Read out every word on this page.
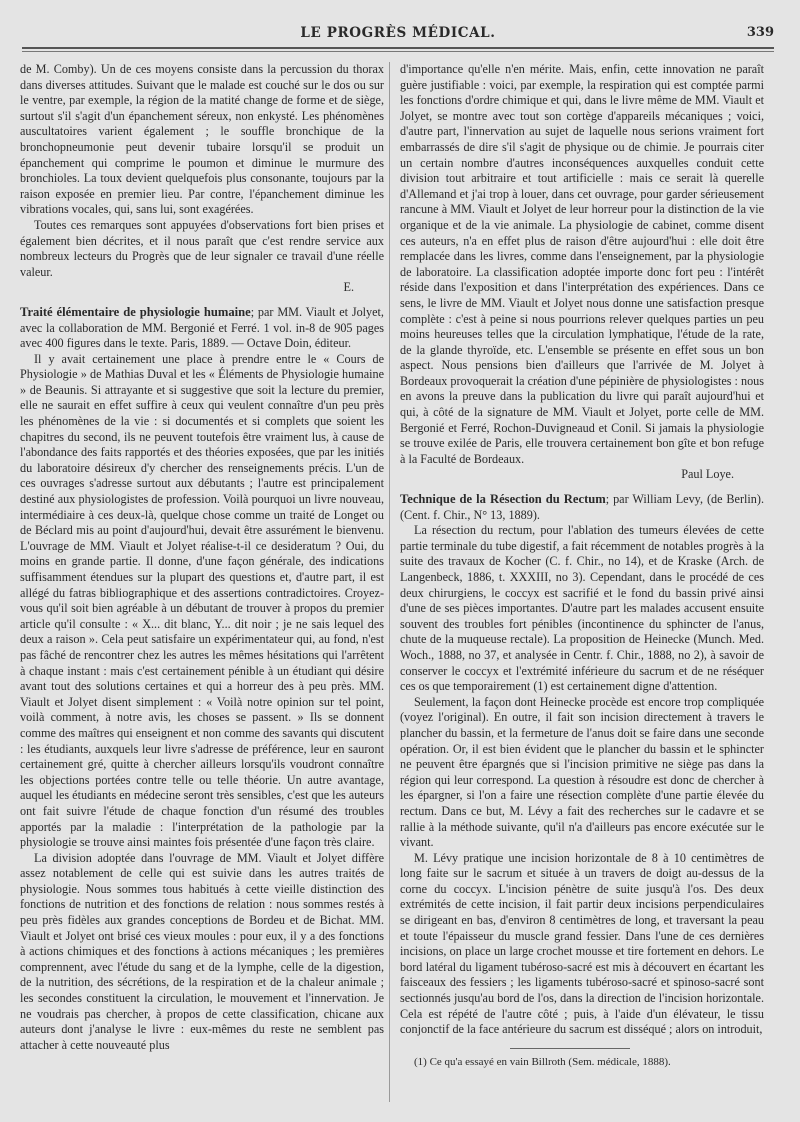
LE PROGRÈS MÉDICAL.	339

de M. Comby). Un de ces moyens consiste dans la percussion du thorax dans diverses attitudes. Suivant que le malade est couché sur le dos ou sur le ventre, par exemple, la région de la matité change de forme et de siège, surtout s'il s'agit d'un épanchement séreux, non enkysté. Les phénomènes auscultatoires varient également ; le souffle bronchique de la bronchopneumonie peut devenir tubaire lorsqu'il se produit un épanchement qui comprime le poumon et diminue le murmure des bronchioles. La toux devient quelquefois plus consonante, toujours par la raison exposée en premier lieu. Par contre, l'épanchement diminue les vibrations vocales, qui, sans lui, sont exagérées.

Toutes ces remarques sont appuyées d'observations fort bien prises et également bien décrites, et il nous paraît que c'est rendre service aux nombreux lecteurs du Progrès que de leur signaler ce travail d'une réelle valeur.
E.

Traité élémentaire de physiologie humaine; par MM. Viault et Jolyet, avec la collaboration de MM. Bergonié et Ferré. 1 vol. in-8 de 905 pages avec 400 figures dans le texte. Paris, 1889. — Octave Doin, éditeur.

Il y avait certainement une place à prendre entre le « Cours de Physiologie » de Mathias Duval et les « Éléments de Physiologie humaine » de Beaunis. Si attrayante et si suggestive que soit la lecture du premier, elle ne saurait en effet suffire à ceux qui veulent connaître d'un peu près les phénomènes de la vie : si documentés et si complets que soient les chapitres du second, ils ne peuvent toutefois être vraiment lus, à cause de l'abondance des faits rapportés et des théories exposées, que par les initiés du laboratoire désireux d'y chercher des renseignements précis. L'un de ces ouvrages s'adresse surtout aux débutants ; l'autre est principalement destiné aux physiologistes de profession. Voilà pourquoi un livre nouveau, intermédiaire à ces deux-là, quelque chose comme un traité de Longet ou de Béclard mis au point d'aujourd'hui, devait être assurément le bienvenu. L'ouvrage de MM. Viault et Jolyet réalise-t-il ce desideratum ? Oui, du moins en grande partie. Il donne, d'une façon générale, des indications suffisamment étendues sur la plupart des questions et, d'autre part, il est allégé du fatras bibliographique et des assertions contradictoires. Croyez-vous qu'il soit bien agréable à un débutant de trouver à propos du premier article qu'il consulte : « X... dit blanc, Y... dit noir ; je ne sais lequel des deux a raison ». Cela peut satisfaire un expérimentateur qui, au fond, n'est pas fâché de rencontrer chez les autres les mêmes hésitations qui l'arrêtent à chaque instant : mais c'est certainement pénible à un étudiant qui désire avant tout des solutions certaines et qui a horreur des à peu près. MM. Viault et Jolyet disent simplement : « Voilà notre opinion sur tel point, voilà comment, à notre avis, les choses se passent. » Ils se donnent comme des maîtres qui enseignent et non comme des savants qui discutent : les étudiants, auxquels leur livre s'adresse de préférence, leur en sauront certainement gré, quitte à chercher ailleurs lorsqu'ils voudront connaître les objections portées contre telle ou telle théorie. Un autre avantage, auquel les étudiants en médecine seront très sensibles, c'est que les auteurs ont fait suivre l'étude de chaque fonction d'un résumé des troubles apportés par la maladie : l'interprétation de la pathologie par la physiologie se trouve ainsi maintes fois présentée d'une façon très claire.

La division adoptée dans l'ouvrage de MM. Viault et Jolyet diffère assez notablement de celle qui est suivie dans les autres traités de physiologie. Nous sommes tous habitués à cette vieille distinction des fonctions de nutrition et des fonctions de relation : nous sommes restés à peu près fidèles aux grandes conceptions de Bordeu et de Bichat. MM. Viault et Jolyet ont brisé ces vieux moules : pour eux, il y a des fonctions à actions chimiques et des fonctions à actions mécaniques ; les premières comprennent, avec l'étude du sang et de la lymphe, celle de la digestion, de la nutrition, des sécrétions, de la respiration et de la chaleur animale ; les secondes constituent la circulation, le mouvement et l'innervation. Je ne voudrais pas chercher, à propos de cette classification, chicane aux auteurs dont j'analyse le livre : eux-mêmes du reste ne semblent pas attacher à cette nouveauté plus

d'importance qu'elle n'en mérite. Mais, enfin, cette innovation ne paraît guère justifiable : voici, par exemple, la respiration qui est comptée parmi les fonctions d'ordre chimique et qui, dans le livre même de MM. Viault et Jolyet, se montre avec tout son cortège d'appareils mécaniques ; voici, d'autre part, l'innervation au sujet de laquelle nous serions vraiment fort embarrassés de dire s'il s'agit de physique ou de chimie. Je pourrais citer un certain nombre d'autres inconséquences auxquelles conduit cette division tout arbitraire et tout artificielle : mais ce serait là querelle d'Allemand et j'ai trop à louer, dans cet ouvrage, pour garder sérieusement rancune à MM. Viault et Jolyet de leur horreur pour la distinction de la vie organique et de la vie animale. La physiologie de cabinet, comme disent ces auteurs, n'a en effet plus de raison d'être aujourd'hui : elle doit être remplacée dans les livres, comme dans l'enseignement, par la physiologie de laboratoire. La classification adoptée importe donc fort peu : l'intérêt réside dans l'exposition et dans l'interprétation des expériences. Dans ce sens, le livre de MM. Viault et Jolyet nous donne une satisfaction presque complète : c'est à peine si nous pourrions relever quelques parties un peu moins heureuses telles que la circulation lymphatique, l'étude de la rate, de la glande thyroïde, etc. L'ensemble se présente en effet sous un bon aspect. Nous pensions bien d'ailleurs que l'arrivée de M. Jolyet à Bordeaux provoquerait la création d'une pépinière de physiologistes : nous en avons la preuve dans la publication du livre qui paraît aujourd'hui et qui, à côté de la signature de MM. Viault et Jolyet, porte celle de MM. Bergonié et Ferré, Rochon-Duvigneaud et Conil. Si jamais la physiologie se trouve exilée de Paris, elle trouvera certainement bon gîte et bon refuge à la Faculté de Bordeaux.
Paul Loye.

Technique de la Résection du Rectum; par William Levy, (de Berlin). (Cent. f. Chir., N° 13, 1889).

La résection du rectum, pour l'ablation des tumeurs élevées de cette partie terminale du tube digestif, a fait récemment de notables progrès à la suite des travaux de Kocher (C. f. Chir., no 14), et de Kraske (Arch. de Langenbeck, 1886, t. XXXIII, no 3). Cependant, dans le procédé de ces deux chirurgiens, le coccyx est sacrifié et le fond du bassin privé ainsi d'une de ses pièces importantes. D'autre part les malades accusent ensuite souvent des troubles fort pénibles (incontinence du sphincter de l'anus, chute de la muqueuse rectale). La proposition de Heinecke (Munch. Med. Woch., 1888, no 37, et analysée in Centr. f. Chir., 1888, no 2), à savoir de conserver le coccyx et l'extrémité inférieure du sacrum et de ne réséquer ces os que temporairement (1) est certainement digne d'attention.

Seulement, la façon dont Heinecke procède est encore trop compliquée (voyez l'original). En outre, il fait son incision directement à travers le plancher du bassin, et la fermeture de l'anus doit se faire dans une seconde opération. Or, il est bien évident que le plancher du bassin et le sphincter ne peuvent être épargnés que si l'incision primitive ne siège pas dans la région qui leur correspond. La question à résoudre est donc de chercher à les épargner, si l'on a faire une résection complète d'une partie élevée du rectum. Dans ce but, M. Lévy a fait des recherches sur le cadavre et se rallie à la méthode suivante, qu'il n'a d'ailleurs pas encore exécutée sur le vivant.

M. Lévy pratique une incision horizontale de 8 à 10 centimètres de long faite sur le sacrum et située à un travers de doigt au-dessus de la corne du coccyx. L'incision pénètre de suite jusqu'à l'os. Des deux extrémités de cette incision, il fait partir deux incisions perpendiculaires se dirigeant en bas, d'environ 8 centimètres de long, et traversant la peau et toute l'épaisseur du muscle grand fessier. Dans l'une de ces dernières incisions, on place un large crochet mousse et tire fortement en dehors. Le bord latéral du ligament tubéroso-sacré est mis à découvert en écartant les faisceaux des fessiers ; les ligaments tubéroso-sacré et spinoso-sacré sont sectionnés jusqu'au bord de l'os, dans la direction de l'incision horizontale. Cela est répété de l'autre côté ; puis, à l'aide d'un élévateur, le tissu conjonctif de la face antérieure du sacrum est disséqué ; alors on introduit,

(1) Ce qu'a essayé en vain Billroth (Sem. médicale, 1888).
